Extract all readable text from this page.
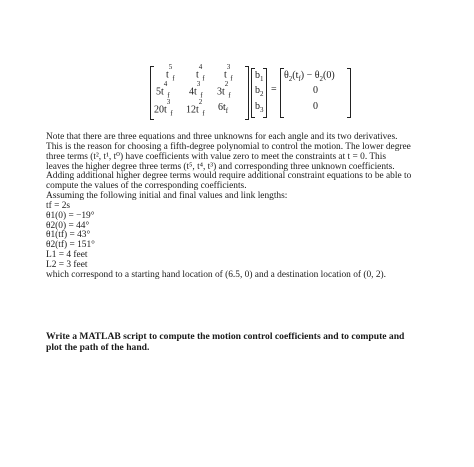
$t^5_f$ $t^4_f$ $t^3_f$
$5t^4_f$ $4t^3_f$ $3t^2_f$
$20t^3_f$ $12t^2_f$
$6t_f$
$b_1$
$b_2$
$b_3$
=
$\theta_2(t_f) - \theta_2(0)$
0
0
Note that there are three equations and three unknowns for each angle and its two derivatives.
This is the reason for choosing a fifth-degree polynomial to control the motion. The lower degree
three terms (t², t¹, t⁰) have coefficients with value zero to meet the constraints at t = 0. This
leaves the higher degree three terms (t⁵, t⁴, t³) and corresponding three unknown coefficients.
Adding additional higher degree terms would require additional constraint equations to be able to
compute the values of the corresponding coefficients.
Assuming the following initial and final values and link lengths:
tf = 2s
θ1(0) = −19°
θ2(0) = 44°
θ1(tf) = 43°
θ2(tf) = 151°
L1 = 4 feet
L2 = 3 feet
which correspond to a starting hand location of (6.5, 0) and a destination location of (0, 2).
Write a MATLAB script to compute the motion control coefficients and to compute and
plot the path of the hand.
